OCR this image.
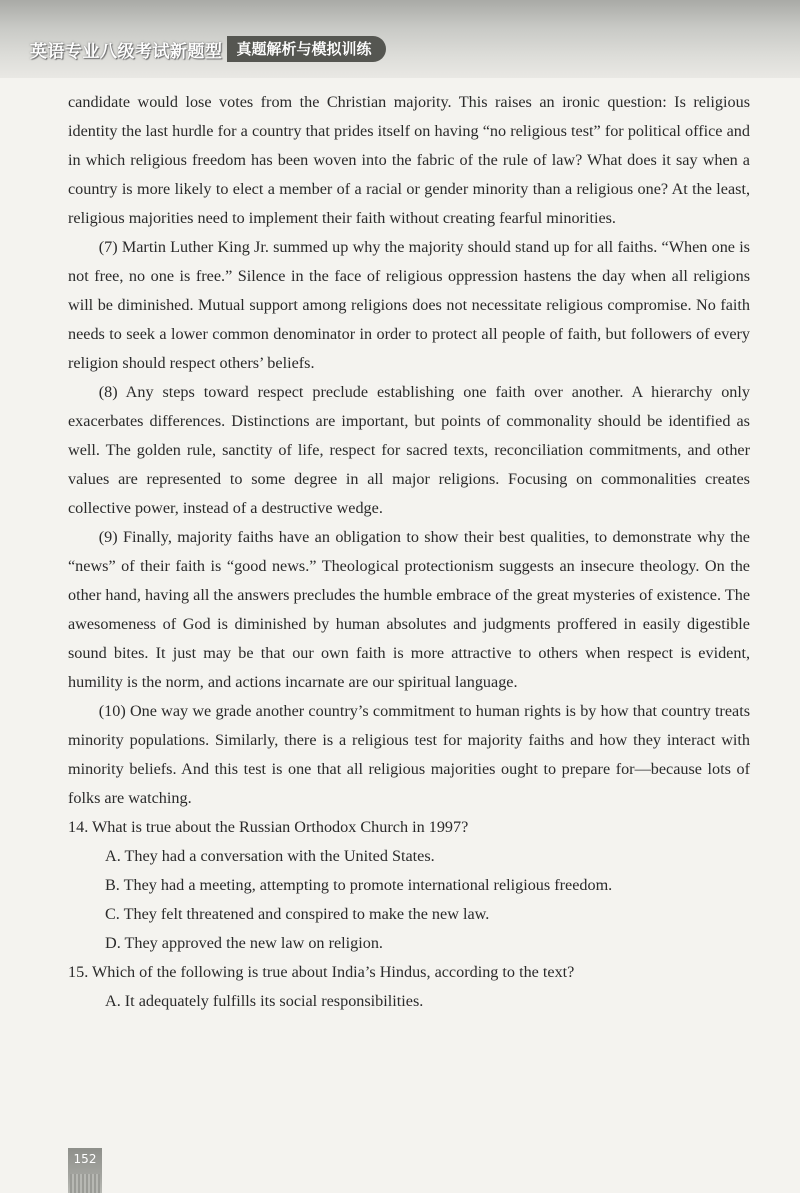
英语专业八级考试新题型 真题解析与模拟训练

candidate would lose votes from the Christian majority. This raises an ironic question: Is religious identity the last hurdle for a country that prides itself on having “no religious test” for political office and in which religious freedom has been woven into the fabric of the rule of law? What does it say when a country is more likely to elect a member of a racial or gender minority than a religious one? At the least, religious majorities need to implement their faith without creating fearful minorities.

(7) Martin Luther King Jr. summed up why the majority should stand up for all faiths. “When one is not free, no one is free.” Silence in the face of religious oppression hastens the day when all religions will be diminished. Mutual support among religions does not necessitate religious compromise. No faith needs to seek a lower common denominator in order to protect all people of faith, but followers of every religion should respect others’ beliefs.

(8) Any steps toward respect preclude establishing one faith over another. A hierarchy only exacerbates differences. Distinctions are important, but points of commonality should be identified as well. The golden rule, sanctity of life, respect for sacred texts, reconciliation commitments, and other values are represented to some degree in all major religions. Focusing on commonalities creates collective power, instead of a destructive wedge.

(9) Finally, majority faiths have an obligation to show their best qualities, to demonstrate why the “news” of their faith is “good news.” Theological protectionism suggests an insecure theology. On the other hand, having all the answers precludes the humble embrace of the great mysteries of existence. The awesomeness of God is diminished by human absolutes and judgments proffered in easily digestible sound bites. It just may be that our own faith is more attractive to others when respect is evident, humility is the norm, and actions incarnate are our spiritual language.

(10) One way we grade another country’s commitment to human rights is by how that country treats minority populations. Similarly, there is a religious test for majority faiths and how they interact with minority beliefs. And this test is one that all religious majorities ought to prepare for—because lots of folks are watching.

14. What is true about the Russian Orthodox Church in 1997?
A. They had a conversation with the United States.
B. They had a meeting, attempting to promote international religious freedom.
C. They felt threatened and conspired to make the new law.
D. They approved the new law on religion.
15. Which of the following is true about India’s Hindus, according to the text?
A. It adequately fulfills its social responsibilities.
152
